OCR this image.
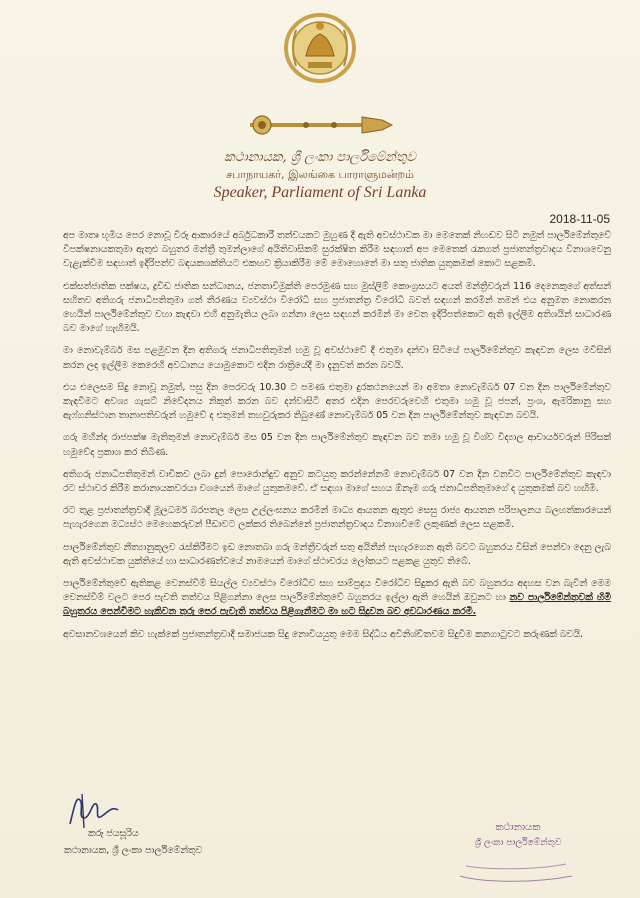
කථානායක, ශ්‍රී ලංකා පාර්ලිමේන්තුව
சபாநாயகர், இலங்கை பாராளுமன்றம்
Speaker, Parliament of Sri Lanka
2018-11-05

අප මාතෘ භූමිය පෙර නොවූ විරූ ආකාරයේ අර්බුධකාරී තත්වයකට මුහුණ දී ඇති අවස්ථාවක මා මෙතෙක් නිහඬව සිටි නමුත් පාර්ලිමේන්තුවේ විපක්ෂනායකතුමා ඇතුළු බහුතර මන්ත්‍රී තුමන්ලාගේ අයිතිවාසිකම් සුරක්ෂිත කිරීම සඳහාත් අප මෙතෙක් රැකගත් ප්‍රජාතන්ත්‍රවාදය විනාශවෙනු වැළැක්වීම සඳහාත් ඉදිරිපත්ව බඳයකශක්තියට එකඟව ක්‍රියාකිරීම මේ මොහොතේ මා සතු ජාතික යුතුකමක් කොට සළකමි.

එක්සත්ජාතික පක්ෂය, ද්‍රවිඩ ජාතික සන්ධානය, ජනතාවිමුක්ති පෙරමුණ සහ මුස්ලිම් කොංග්‍රසයට අයත් මන්ත්‍රීවරුන් 116 දෙනෙකුගේ අත්සන් සහිතව අතිගරු ජනාධිපතිතුමා ගත් තීරණය ව්‍යවස්ථා විරෝධී සහ ප්‍රජාතන්ත්‍ර විරෝධී බවත් සඳහන් කරමින් තමන් එය අනුමත නොකරන හෙයින් පාර්ලිමේන්තුව වහා කැඳවා එහි අනුමැතිය ලබා ගන්නා ලෙස සඳහන් කරමින් මා වෙත ඉදිරිපත්කොට ඇති ඉල්ලීම අතිශයින් සාධාරණ බව මාගේ හැඟීමයි.

මා නොවැම්බර් මස පළමුවන දින අතිගරු ජනාධිපතිතුමන් හමු වූ අවස්ථාවේ දී එතුමා දන්වා සිටියේ පාර්ලිමේන්තුව කැඳවන ලෙස මවිසින් කරන ලද ඉල්ලීම කෙරෙහි අවධානය යොමුකොට එදින රාත්‍රියේදී මා දැනුවත් කරන බවයි.

එය එලෙසම සිදු නොවූ නමුත්, පසු දින පෙරවරු 10.30 ට පමණ එතුමා දුරකථනයෙන් මා අමතා නොවැම්බර් 07 වන දින පාර්ලිමේන්තුව කැඳවීමට අවශ්‍ය ගැසට් නිවේදනය නිකුත් කරන බව දන්වාසිටි අතර එදින පෙරවරුවෙහි එතුමා හමු වූ ජපන්, ප්‍රංශ, ඇමරිකානු සහ ඇෆ්ගනිස්ථාන තානාපතිවරුන් හමුවේ ද එතුමන් තහවුරුකර තිබුණේ නොවැම්බර් 05 වන දින පාර්ලිමේන්තුව කැඳවන බවයි.

ගරු මහින්ද රාජපක්ෂ මැතිතුමන් නොවැම්බර් මස 05 වන දින පාර්ලිමේන්තුව කැඳවන බව තමා හමු වූ විශ්ව විද්‍යාල ආචාර්යවරුන් පිරිසක් හමුවේද ප්‍රකාශ කර තිබිණ.

අතිගරු ජනාධිපතිතුමන් වාචිකව ලබා දුන් පොරොන්දුව අනුව කටයුතු කරන්නේනම් නොවැම්බර් 07 වන දින වනවිට පාර්ලිමේන්තුව කැඳවා රට ස්ථාවර කිරීම කරානායකවරයා වශයෙන් මාගේ යුතුකමවේ. ඒ සඳහා මාගේ සහය ඕනෑම ගරු ජනාධිපතිතුමාගේ ද යුතුකමක් බව හඟිමි.

රට තුළ ප්‍රජාතන්ත්‍රවාදී මූලධර්ම බරපතල ලෙස උල්ලංඝනය කරමින් මාධ්‍ය ආයතන ඇතුළු සෙසු රාජ්‍ය ආයතන පරිපාලනය බලහත්කාරයෙන් පැහැරගෙන මධ්‍යස්ථ මෙහෙකරුවන් පීඩාවට ලක්කර තිබෙන්නේ ප්‍රජාතන්ත්‍රවාදය විනාශවීමේ ලකුණක් ලෙස සළකමි.

පාර්ලිමේන්තුව නීත්‍යානුකූලව රැස්කිරීමට ඉඩ නොතබා ගරු මන්ත්‍රීවරුන් සතු අයිතීන් පැහැරගෙන ඇති බවට බහුතරය විසින් පෙන්වා දෙනු ලැබ ඇති අවස්ථාවක යුක්තියේ හා සාධාරණත්වයේ නාමයෙන් මාගේ ස්ථාවරය ලෝකයට පළකළ යුතුව තිබේ.

පාර්ලිමේන්තුවේ ඇතිකළ වෙනස්වීම් සියල්ල ව්‍යවස්ථා විරෝධීව සහ සාම්ප්‍රදාය විරෝධීව සිදුකර ඇති බව බහුතරය අදහස වන බැවින් මෙම වෙනස්වීම් වලට පෙර පැවති තත්වය පිළිගන්නා ලෙස පාර්ලිමේන්තුවේ බහුතරය ඉල්ලා ඇති හෙයින් ඔවුනට හා නව පාර්ලිමේන්තුවක් හිමි බහුතරය පෙන්වීමට හැකිවන තුරු පෙර පැවැති තත්වය පිළිගැනීමට මා හට සිදුවන බව අවධාරණය කරමි.

අවසානවශයෙන් කිව හැක්කේ ප්‍රජාතන්ත්‍රවාදී සමාජයක සිදු නොවියයුතු මෙම සිද්ධිය අවිනිශ්චිතවම සිදුවීම කනගාටුවට කරුණක් බවයි.

කරූ ජයසූරිය
කථානායක, ශ්‍රී ලංකා පාර්ලිමේන්තුව
කථානායක
ශ්‍රී ලංකා පාර්ලිමේන්තුව
